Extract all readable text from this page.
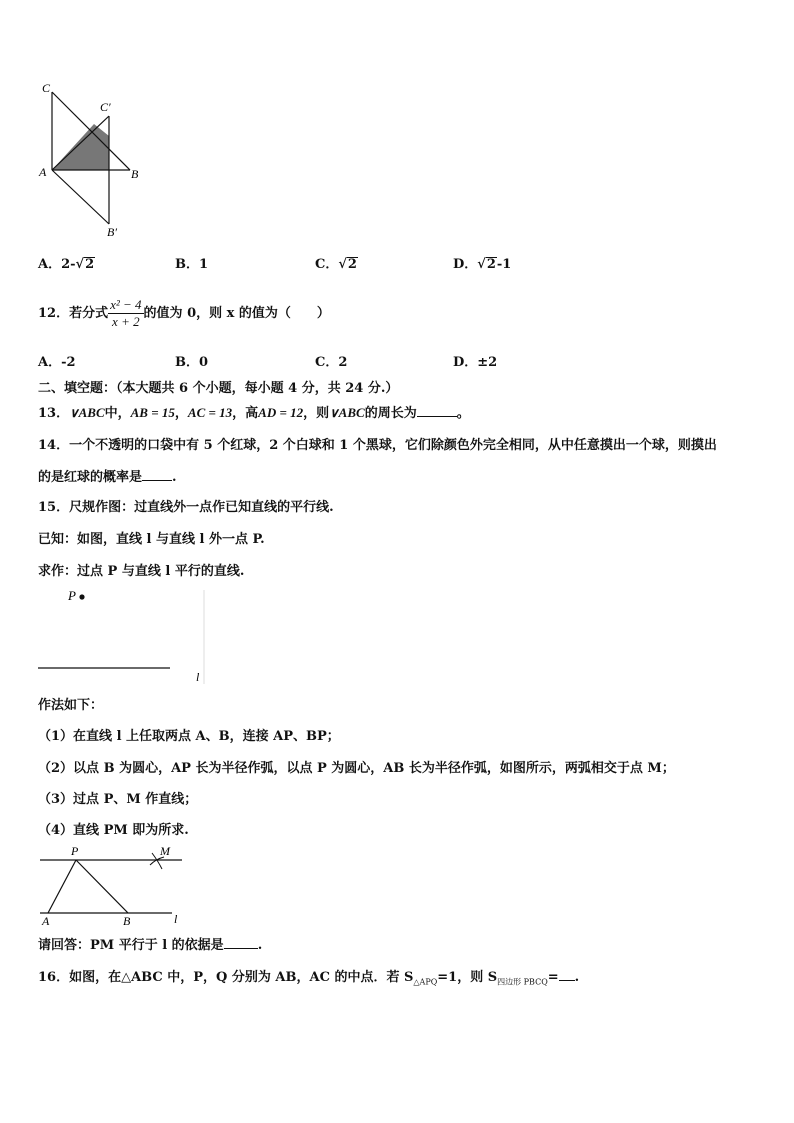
C
C′
A	B
B′
A．2-√2	B．1	C．√2	D．√2-1
12．若分式 $\frac{\text{x² − 4}}{x + 2}$ 的值为 0，则 x 的值为（　　）
A．-2	B．0	C．2	D．±2
二、填空题：（本大题共 6 个小题，每小题 4 分，共 24 分.）
13．∨ABC中，AB = 15，AC = 13，高AD = 12，则∨ABC的周长为	。
14．一个不透明的口袋中有 5 个红球，2 个白球和 1 个黑球，它们除颜色外完全相同，从中任意摸出一个球，则摸出
的是红球的概率是 .
15．尺规作图：过直线外一点作已知直线的平行线.
已知：如图，直线 l 与直线 l 外一点 P.
求作：过点 P 与直线 l 平行的直线.
P
l
作法如下：
（1）在直线 l 上任取两点 A、B，连接 AP、BP；
（2）以点 B 为圆心，AP 长为半径作弧，以点 P 为圆心，AB 长为半径作弧，如图所示，两弧相交于点 M；
（3）过点 P、M 作直线；
（4）直线 PM 即为所求.
P	M
A	B	l
请回答：PM 平行于 l 的依据是	.
16．如图，在△ABC 中，P，Q 分别为 AB，AC 的中点．若 $S_{\triangle APQ}=1$，则 $S_{四边形 PBCQ}=$ .
